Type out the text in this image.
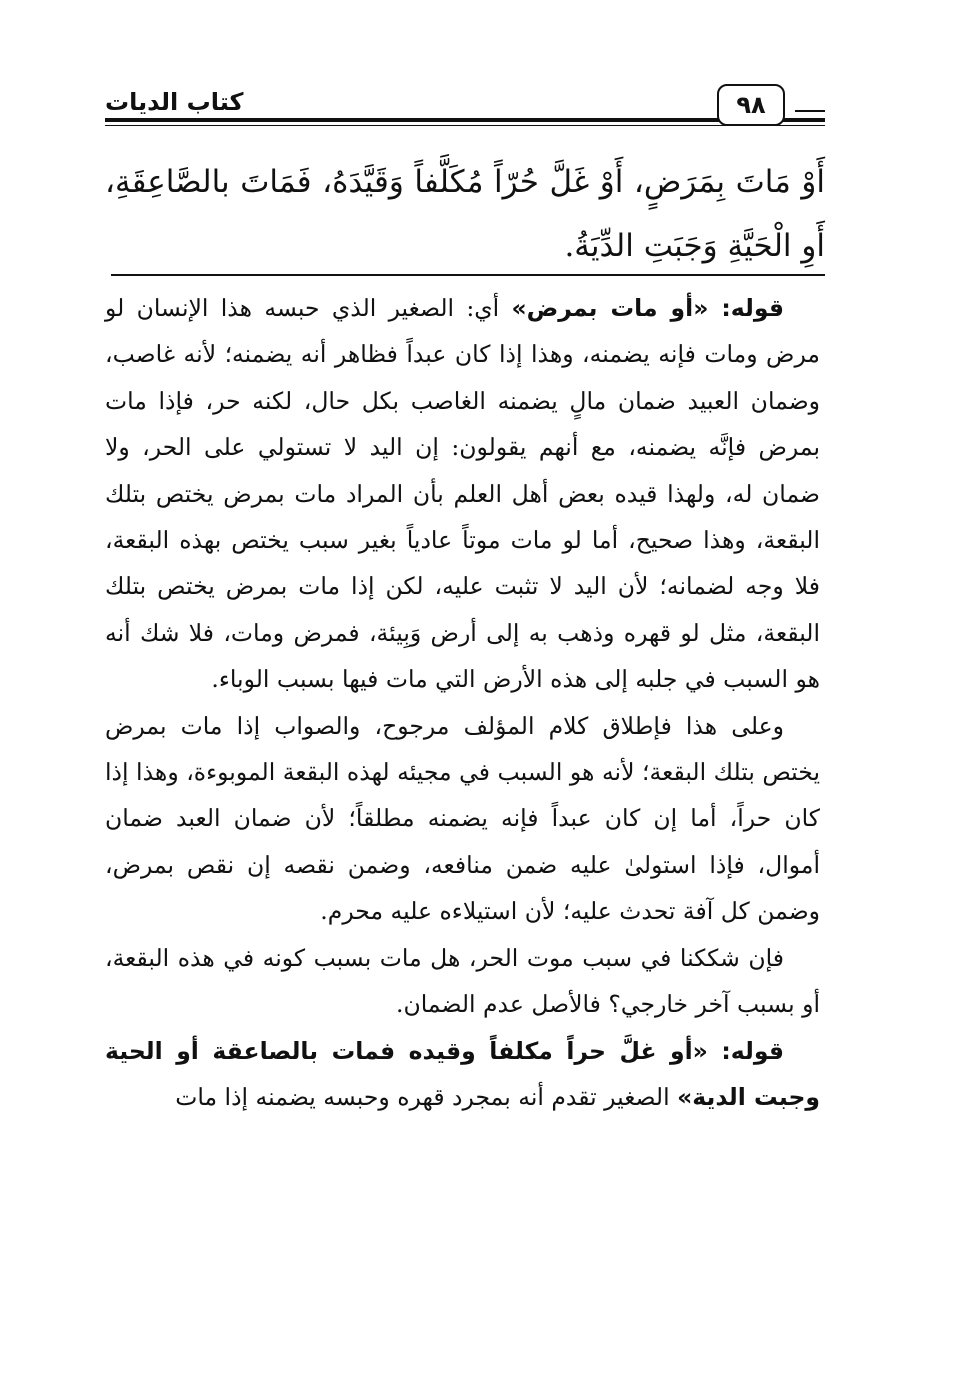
كتاب الديات	٩٨

أَوْ مَاتَ بِمَرَضٍ، أَوْ غَلَّ حُرّاً مُكَلَّفاً وَقَيَّدَهُ، فَمَاتَ بالصَّاعِقَةِ، أَوِ الْحَيَّةِ وَجَبَتِ الدِّيَةُ.

قوله: «أو مات بمرض» أي: الصغير الذي حبسه هذا الإنسان لو مرض ومات فإنه يضمنه، وهذا إذا كان عبداً فظاهر أنه يضمنه؛ لأنه غاصب، وضمان العبيد ضمان مالٍ يضمنه الغاصب بكل حال، لكنه حر، فإذا مات بمرض فإنَّه يضمنه، مع أنهم يقولون: إن اليد لا تستولي على الحر، ولا ضمان له، ولهذا قيده بعض أهل العلم بأن المراد مات بمرض يختص بتلك البقعة، وهذا صحيح، أما لو مات موتاً عادياً بغير سبب يختص بهذه البقعة، فلا وجه لضمانه؛ لأن اليد لا تثبت عليه، لكن إذا مات بمرض يختص بتلك البقعة، مثل لو قهره وذهب به إلى أرض وَبِيئة، فمرض ومات، فلا شك أنه هو السبب في جلبه إلى هذه الأرض التي مات فيها بسبب الوباء.

وعلى هذا فإطلاق كلام المؤلف مرجوح، والصواب إذا مات بمرض يختص بتلك البقعة؛ لأنه هو السبب في مجيئه لهذه البقعة الموبوءة، وهذا إذا كان حراً، أما إن كان عبداً فإنه يضمنه مطلقاً؛ لأن ضمان العبد ضمان أموال، فإذا استولىٰ عليه ضمن منافعه، وضمن نقصه إن نقص بمرض، وضمن كل آفة تحدث عليه؛ لأن استيلاءه عليه محرم.

فإن شككنا في سبب موت الحر، هل مات بسبب كونه في هذه البقعة، أو بسبب آخر خارجي؟ فالأصل عدم الضمان.

قوله: «أو غلَّ حراً مكلفاً وقيده فمات بالصاعقة أو الحية وجبت الدية» الصغير تقدم أنه بمجرد قهره وحبسه يضمنه إذا مات
